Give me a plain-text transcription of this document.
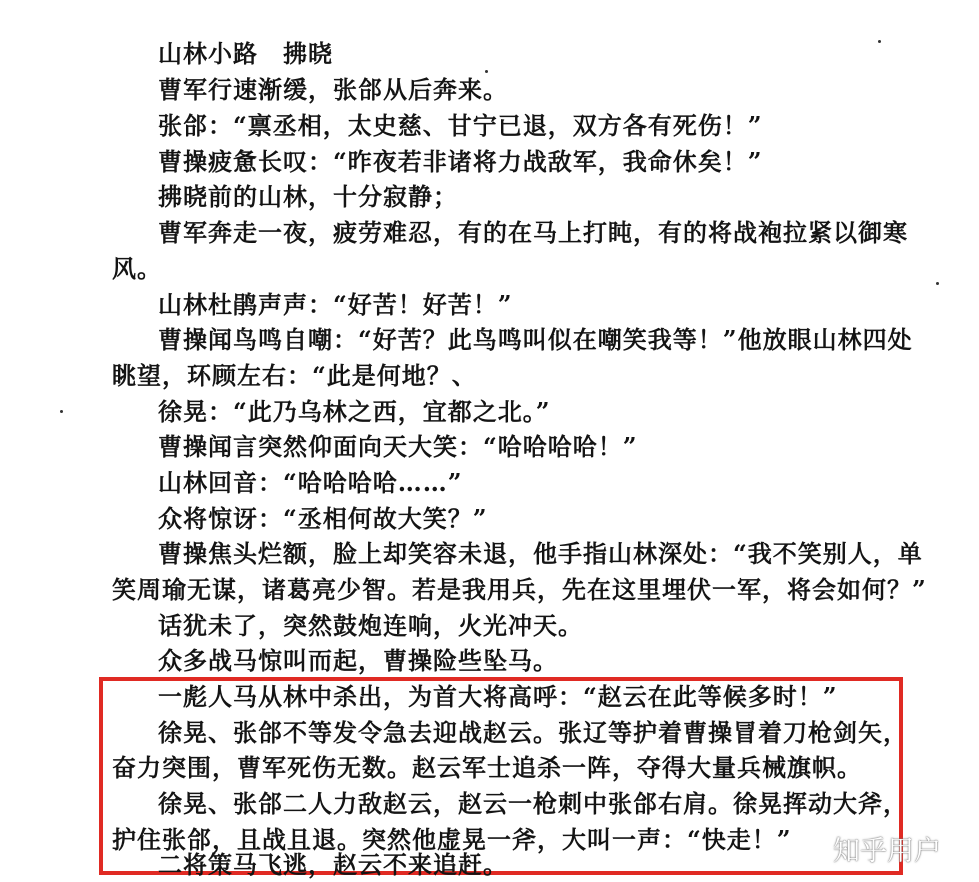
山林小路　拂晓
曹军行速渐缓，张郃从后奔来。
张郃：“禀丞相，太史慈、甘宁已退，双方各有死伤！”
曹操疲惫长叹：“昨夜若非诸将力战敌军，我命休矣！”
拂晓前的山林，十分寂静；
曹军奔走一夜，疲劳难忍，有的在马上打盹，有的将战袍拉紧以御寒
风。
山林杜鹃声声：“好苦！好苦！”
曹操闻鸟鸣自嘲：“好苦？此鸟鸣叫似在嘲笑我等！”他放眼山林四处
眺望，环顾左右：“此是何地？、
徐晃：“此乃乌林之西，宜都之北。”
曹操闻言突然仰面向天大笑：“哈哈哈哈！”
山林回音：“哈哈哈哈……”
众将惊讶：“丞相何故大笑？”
曹操焦头烂额，脸上却笑容未退，他手指山林深处：“我不笑别人，单
笑周瑜无谋，诸葛亮少智。若是我用兵，先在这里埋伏一军，将会如何？”
话犹未了，突然鼓炮连响，火光冲天。
众多战马惊叫而起，曹操险些坠马。
一彪人马从林中杀出，为首大将高呼：“赵云在此等候多时！”
徐晃、张郃不等发令急去迎战赵云。张辽等护着曹操冒着刀枪剑矢，
奋力突围，曹军死伤无数。赵云军士追杀一阵，夺得大量兵械旗帜。
徐晃、张郃二人力敌赵云，赵云一枪刺中张郃右肩。徐晃挥动大斧，
护住张郃，且战且退。突然他虚晃一斧，大叫一声：“快走！”
二将策马飞逃，赵云不来追赶。	知乎用户
